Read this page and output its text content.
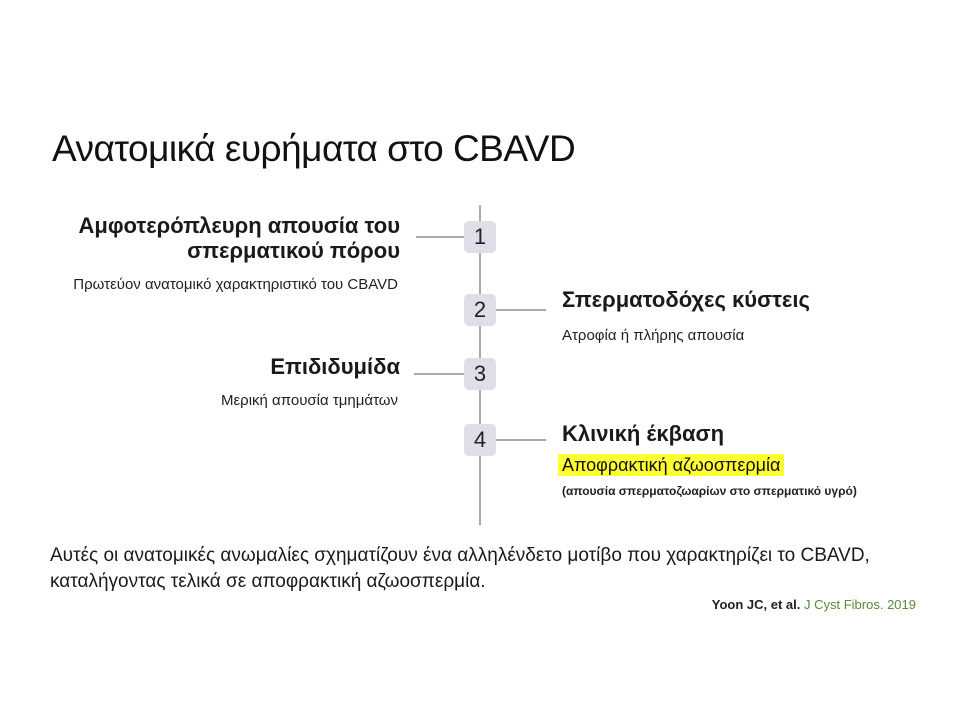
Ανατομικά ευρήματα στο CBAVD
1
2
3
4
Αμφοτερόπλευρη απουσία του
σπερματικού πόρου
Πρωτεύον ανατομικό χαρακτηριστικό του CBAVD
Σπερματοδόχες κύστεις
Ατροφία ή πλήρης απουσία
Επιδιδυμίδα
Μερική απουσία τμημάτων
Κλινική έκβαση
Αποφρακτική αζωοσπερμία
(απουσία σπερματοζωαρίων στο σπερματικό υγρό)
Αυτές οι ανατομικές ανωμαλίες σχηματίζουν ένα αλληλένδετο μοτίβο που χαρακτηρίζει το CBAVD, καταλήγοντας τελικά σε αποφρακτική αζωοσπερμία.
Yoon JC, et al. J Cyst Fibros. 2019
